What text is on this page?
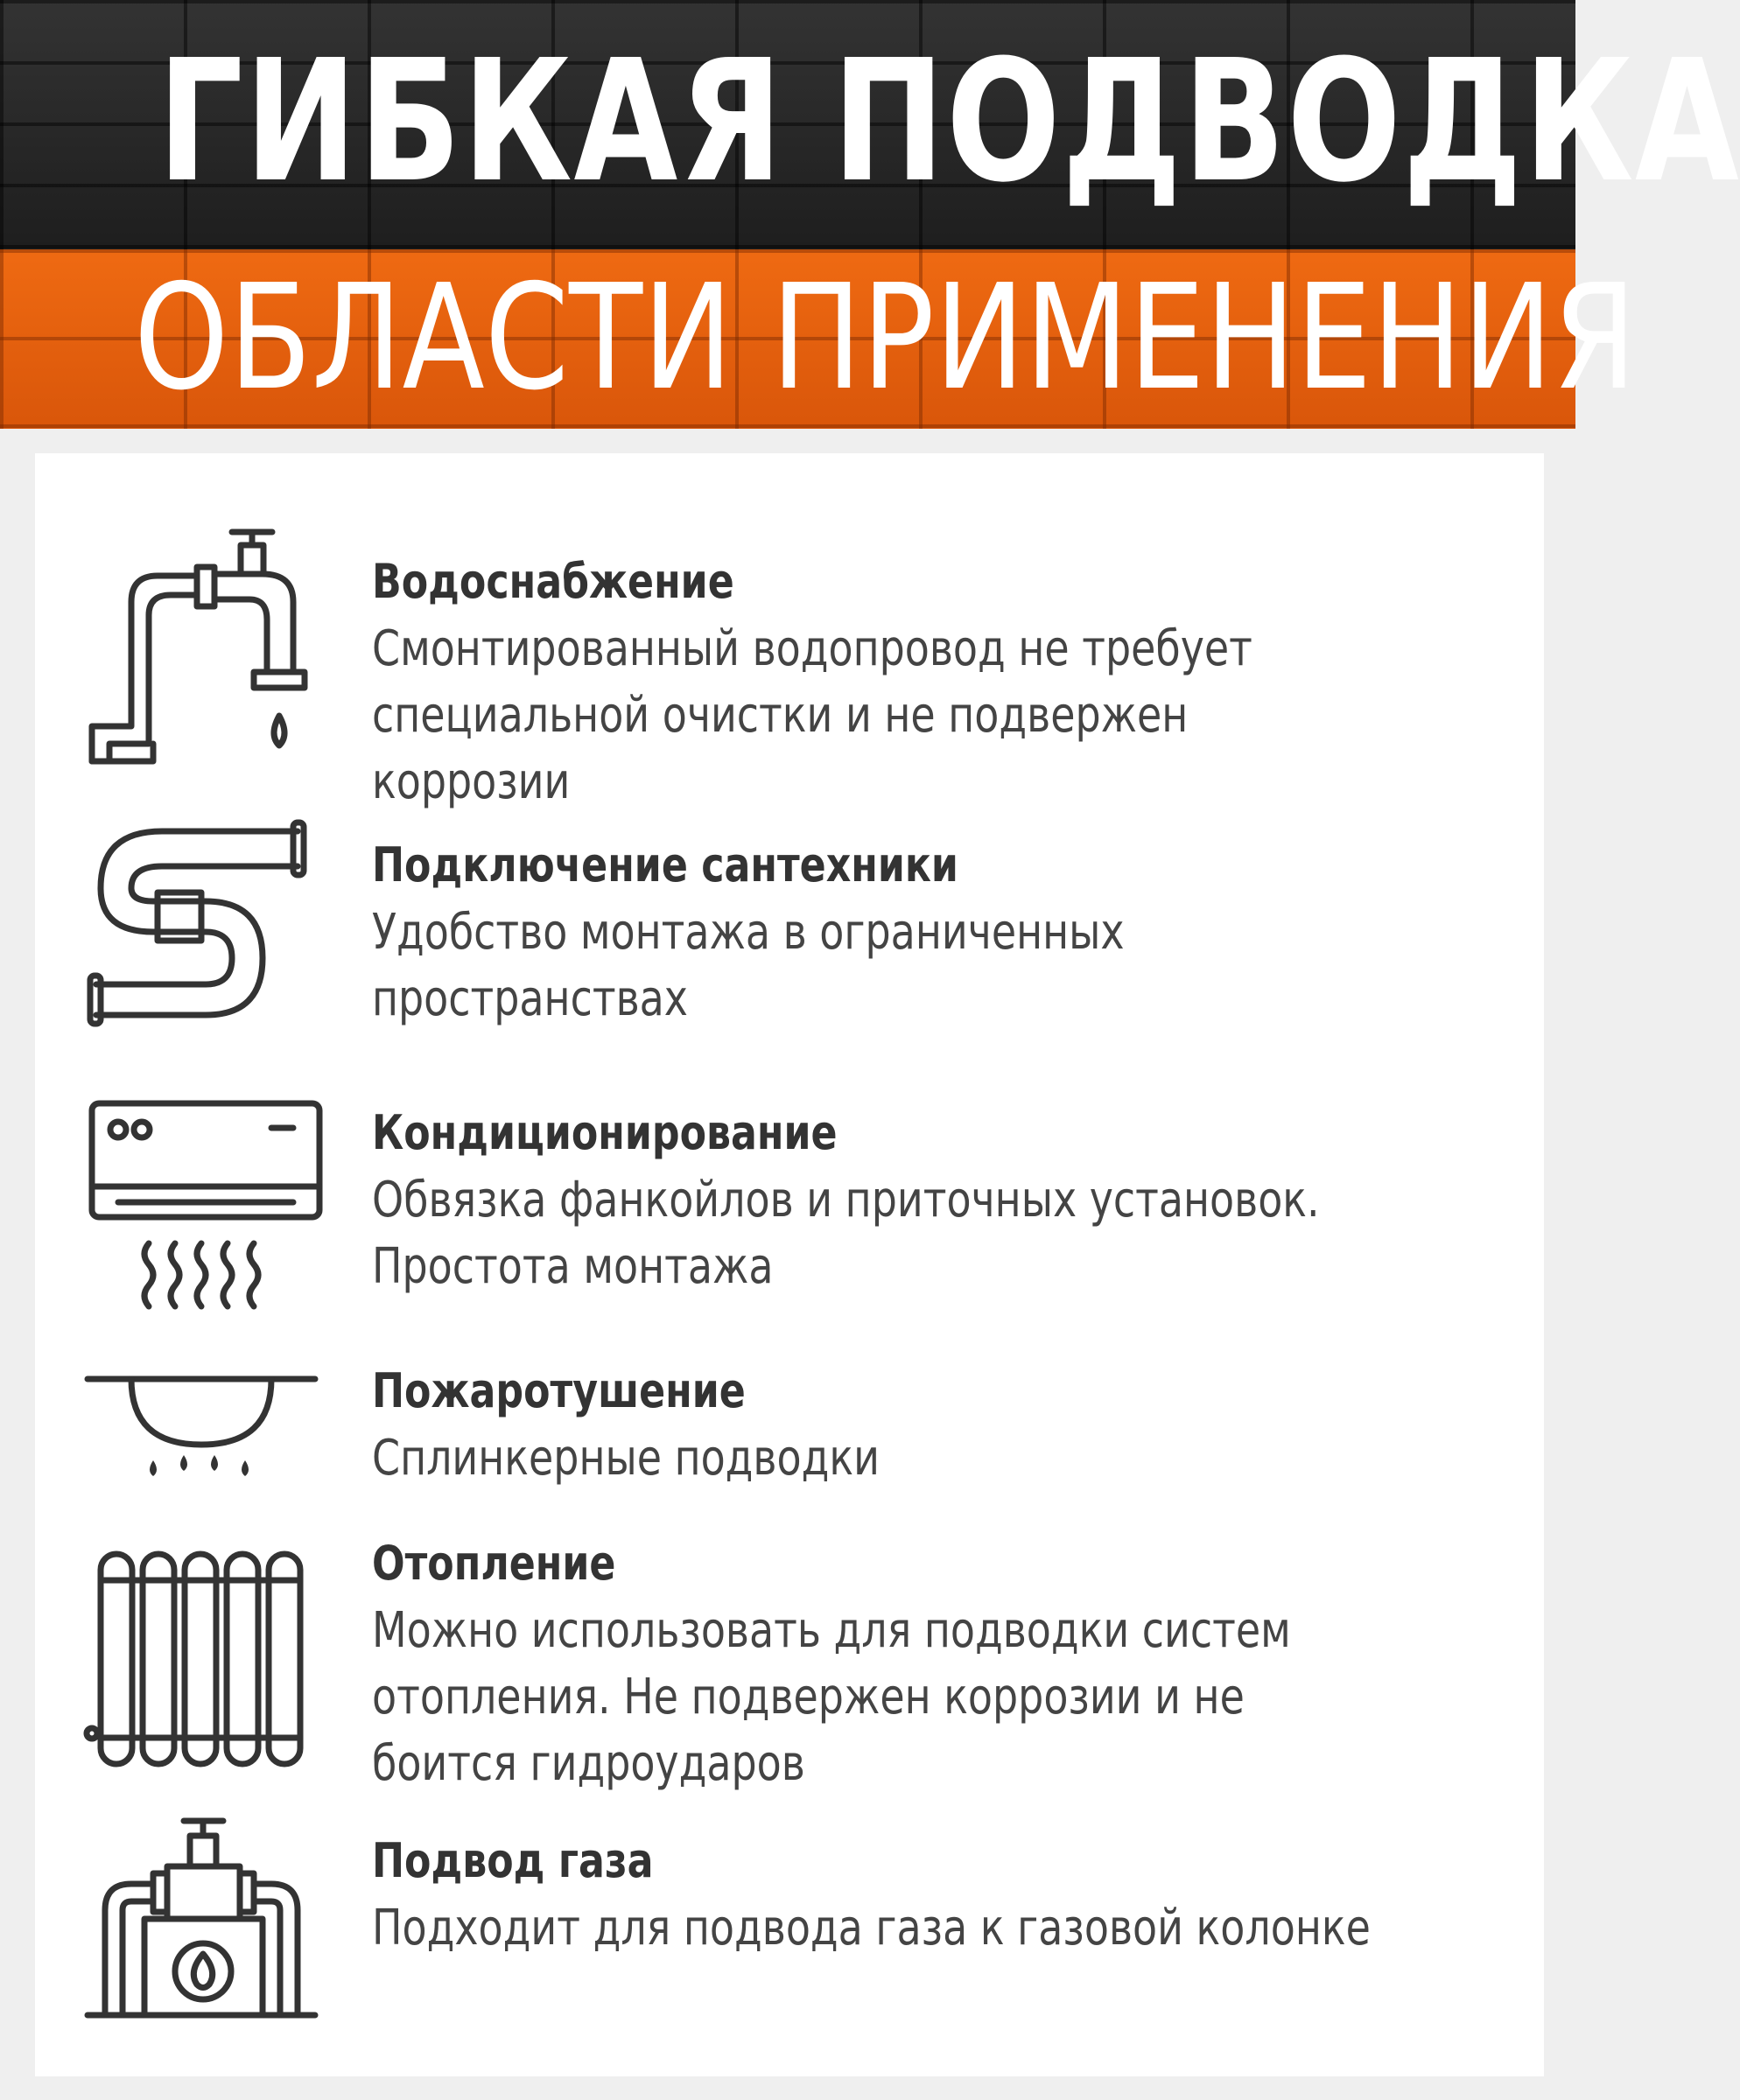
ГИБКАЯ ПОДВОДКА
ОБЛАСТИ ПРИМЕНЕНИЯ
Водоснабжение
Смонтированный водопровод не требует
специальной очистки и не подвержен
коррозии
Подключение сантехники
Удобство монтажа в ограниченных
пространствах
Кондиционирование
Обвязка фанкойлов и приточных установок.
Простота монтажа
Пожаротушение
Сплинкерные подводки
Отопление
Можно использовать для подводки систем
отопления. Не подвержен коррозии и не
боится гидроударов
Подвод газа
Подходит для подвода газа к газовой колонке
